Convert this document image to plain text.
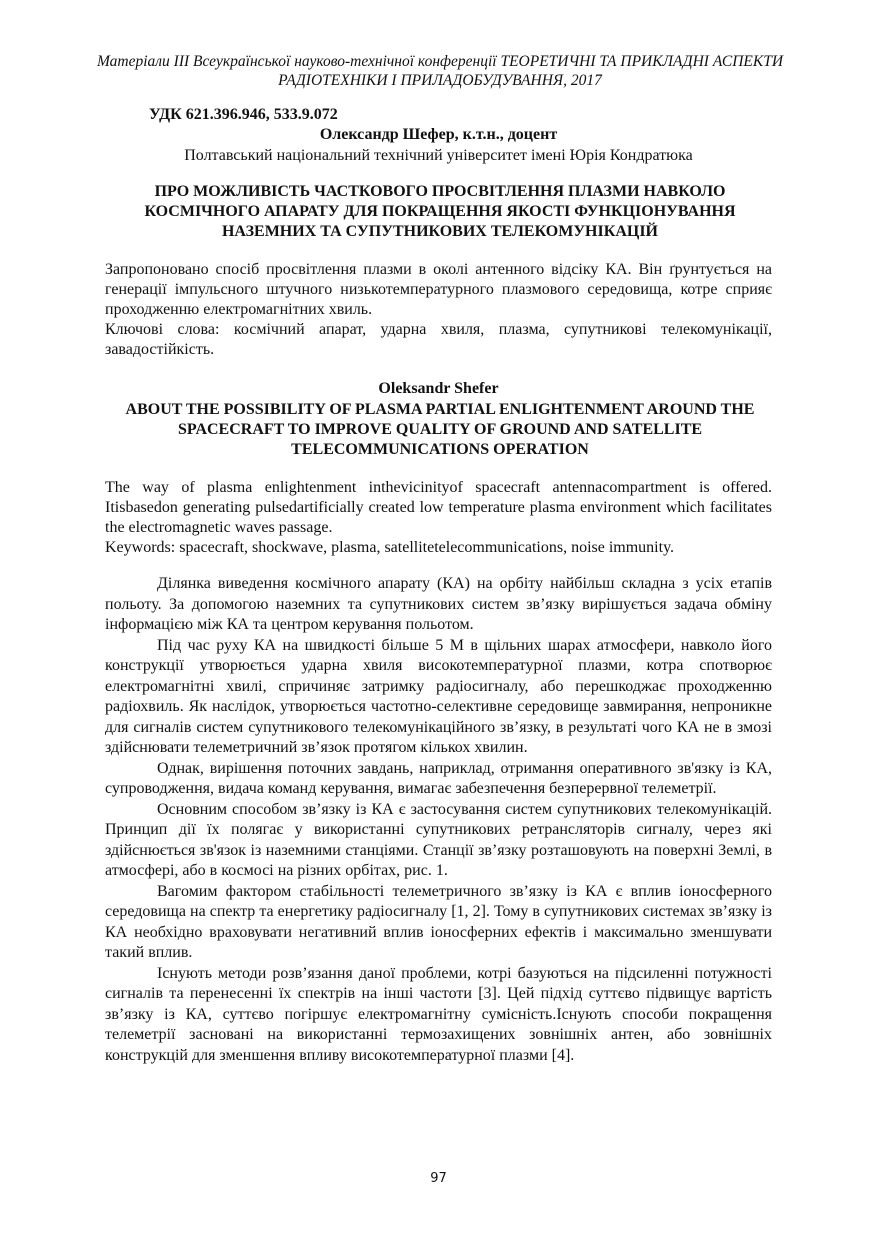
Матеріали ІІІ Всеукраїнської науково-технічної конференції ТЕОРЕТИЧНІ ТА ПРИКЛАДНІ АСПЕКТИ РАДІОТЕХНІКИ І ПРИЛАДОБУДУВАННЯ, 2017
УДК 621.396.946, 533.9.072
Олександр Шефер, к.т.н., доцент
Полтавський національний технічний університет імені Юрія Кондратюка
ПРО МОЖЛИВІСТЬ ЧАСТКОВОГО ПРОСВІТЛЕННЯ ПЛАЗМИ НАВКОЛО КОСМІЧНОГО АПАРАТУ ДЛЯ ПОКРАЩЕННЯ ЯКОСТІ ФУНКЦІОНУВАННЯ НАЗЕМНИХ ТА СУПУТНИКОВИХ ТЕЛЕКОМУНІКАЦІЙ

Запропоновано спосіб просвітлення плазми в околі антенного відсіку КА. Він ґрунтується на генерації імпульсного штучного низькотемпературного плазмового середовища, котре сприяє проходженню електромагнітних хвиль.

Ключові слова: космічний апарат, ударна хвиля, плазма, супутникові телекомунікації, завадостійкість.

Oleksandr Shefer
ABOUT THE POSSIBILITY OF PLASMA PARTIAL ENLIGHTENMENT AROUND THE SPACECRAFT TO IMPROVE QUALITY OF GROUND AND SATELLITE TELECOMMUNICATIONS OPERATION

The way of plasma enlightenment inthevicinityof spacecraft antennacompartment is offered. Itisbasedon generating pulsedartificially created low temperature plasma environment which facilitates the electromagnetic waves passage.

Keywords: spacecraft, shockwave, plasma, satellitetelecommunications, noise immunity.

Ділянка виведення космічного апарату (КА) на орбіту найбільш складна з усіх етапів польоту. За допомогою наземних та супутникових систем зв’язку вирішується задача обміну інформацією між КА та центром керування польотом.

Під час руху КА на швидкості більше 5 М в щільних шарах атмосфери, навколо його конструкції утворюється ударна хвиля високотемпературної плазми, котра спотворює електромагнітні хвилі, спричиняє затримку радіосигналу, або перешкоджає проходженню радіохвиль. Як наслідок, утворюється частотно-селективне середовище завмирання, непроникне для сигналів систем супутникового телекомунікаційного зв’язку, в результаті чого КА не в змозі здійснювати телеметричний зв’язок протягом кількох хвилин.

Однак, вирішення поточних завдань, наприклад, отримання оперативного зв'язку із КА, супроводження, видача команд керування, вимагає забезпечення безперервної телеметрії.

Основним способом зв’язку із КА є застосування систем супутникових телекомунікацій. Принцип дії їх полягає у використанні супутникових ретрансляторів сигналу, через які здійснюється зв'язок із наземними станціями. Станції зв’язку розташовують на поверхні Землі, в атмосфері, або в космосі на різних орбітах, рис. 1.

Вагомим фактором стабільності телеметричного зв’язку із КА є вплив іоносферного середовища на спектр та енергетику радіосигналу [1, 2]. Тому в супутникових системах зв’язку із КА необхідно враховувати негативний вплив іоносферних ефектів і максимально зменшувати такий вплив.

Існують методи розв’язання даної проблеми, котрі базуються на підсиленні потужності сигналів та перенесенні їх спектрів на інші частоти [3]. Цей підхід суттєво підвищує вартість зв’язку із КА, суттєво погіршує електромагнітну сумісність.Існують способи покращення телеметрії засновані на використанні термозахищених зовнішніх антен, або зовнішніх конструкцій для зменшення впливу високотемпературної плазми [4].

97
